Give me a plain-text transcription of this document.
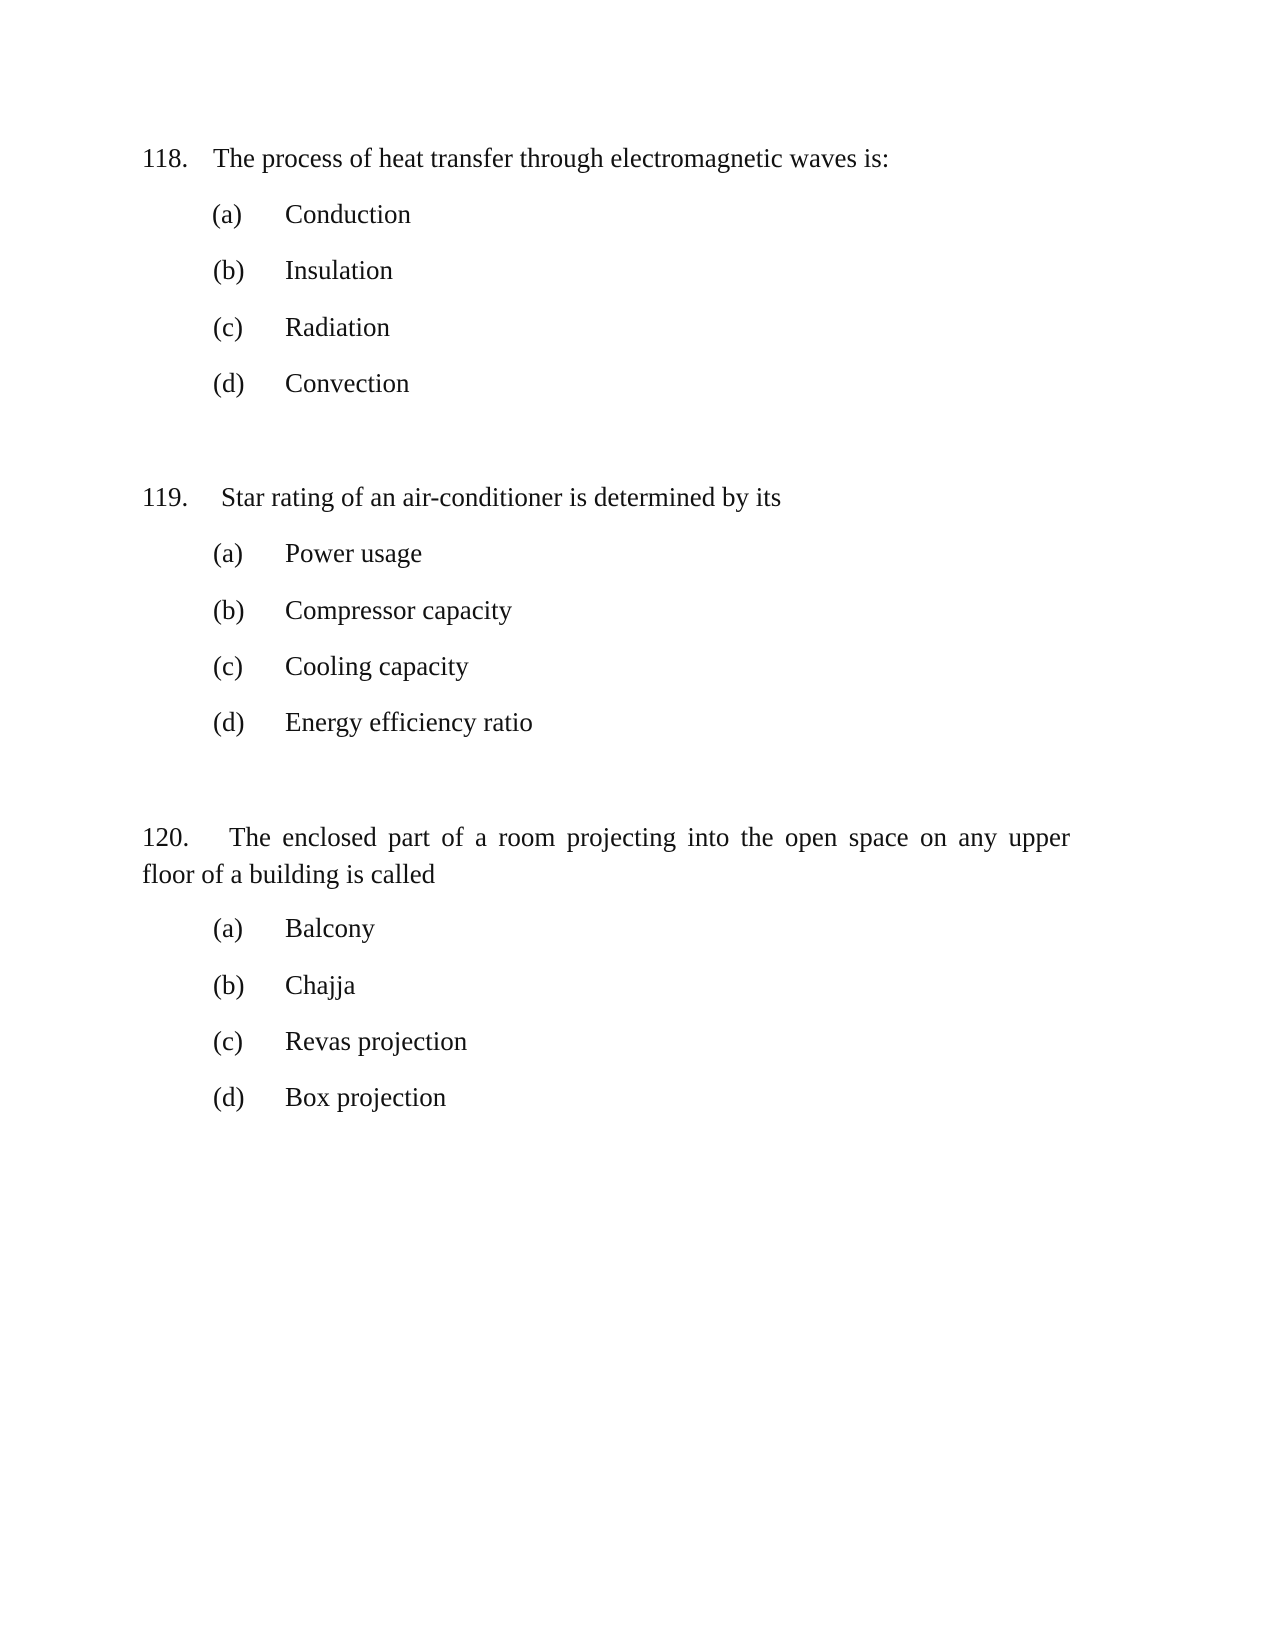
118. The process of heat transfer through electromagnetic waves is:
(a) Conduction
(b) Insulation
(c) Radiation
(d) Convection
119. Star rating of an air-conditioner is determined by its
(a) Power usage
(b) Compressor capacity
(c) Cooling capacity
(d) Energy efficiency ratio
120. The enclosed part of a room projecting into the open space on any upper floor of a building is called
(a) Balcony
(b) Chajja
(c) Revas projection
(d) Box projection
